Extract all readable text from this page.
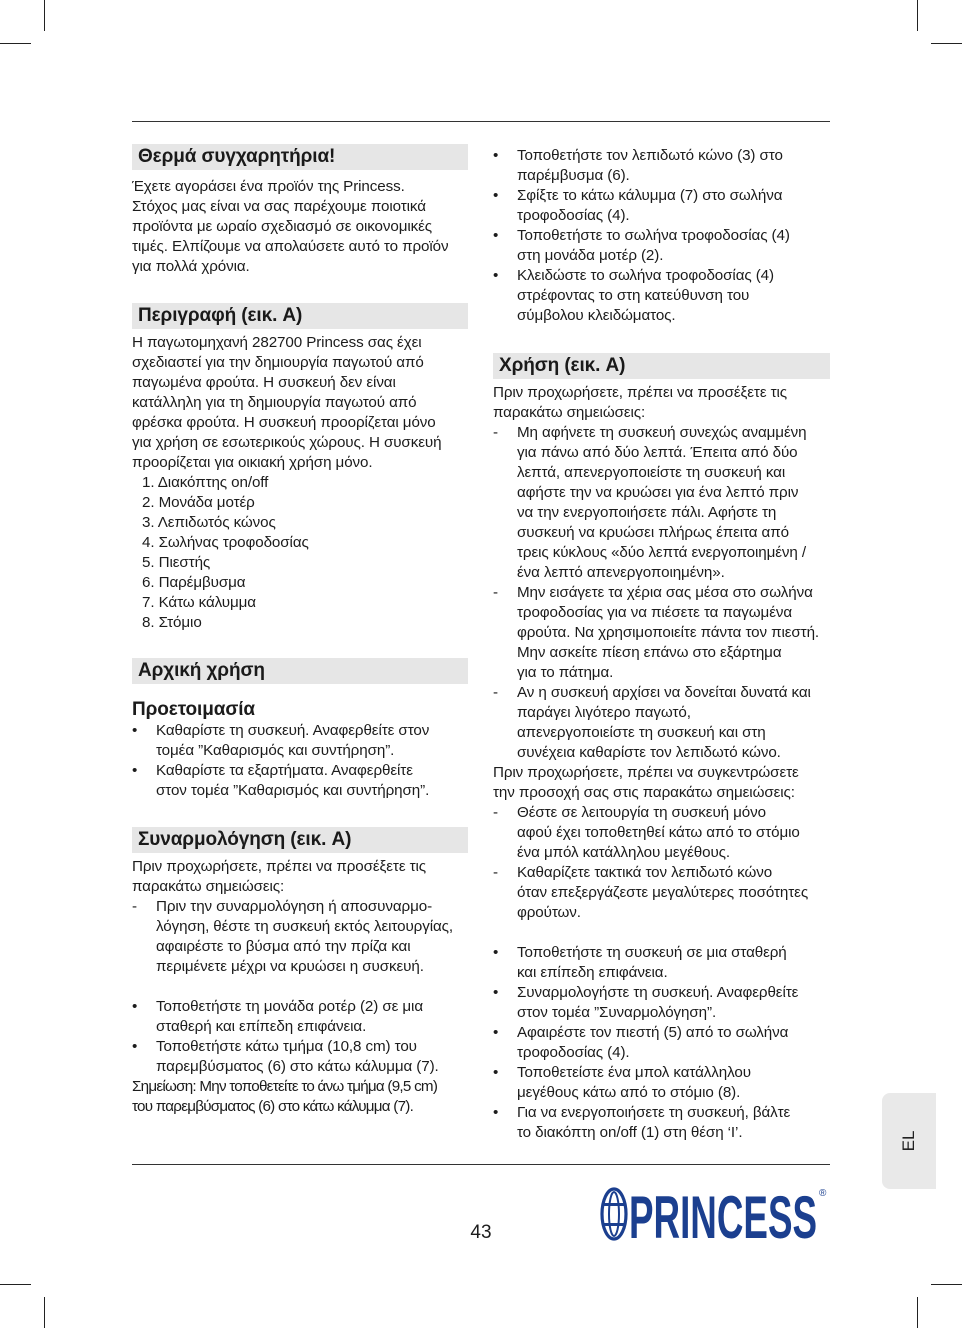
Θερμά συγχαρητήρια!

Έχετε αγοράσει ένα προϊόν της Princess.

Στόχος μας είναι να σας παρέχουμε ποιοτικά

προϊόντα με ωραίο σχεδιασμό σε οικονομικές

τιμές. Ελπίζουμε να απολαύσετε αυτό το προϊόν

για πολλά χρόνια.

Περιγραφή (εικ. A)

Η παγωτομηχανή 282700 Princess σας έχει

σχεδιαστεί για την δημιουργία παγωτού από

παγωμένα φρούτα. Η συσκευή δεν είναι

κατάλληλη για τη δημιουργία παγωτού από

φρέσκα φρούτα. Η συσκευή προορίζεται μόνο

για χρήση σε εσωτερικούς χώρους. Η συσκευή

προορίζεται για οικιακή χρήση μόνο.

1. Διακόπτης on/off
2. Μονάδα μοτέρ
3. Λεπιδωτός κώνος
4. Σωλήνας τροφοδοσίας
5. Πιεστής
6. Παρέμβυσμα
7. Κάτω κάλυμμα
8. Στόμιο
Αρχική χρήση
Προετοιμασία
•	Καθαρίστε τη συσκευή. Αναφερθείτε στον

τομέα ”Καθαρισμός και συντήρηση”.

•	Καθαρίστε τα εξαρτήματα. Αναφερθείτε

στον τομέα ”Καθαρισμός και συντήρηση”.

Συναρμολόγηση (εικ. A)

Πριν προχωρήσετε, πρέπει να προσέξετε τις

παρακάτω σημειώσεις:

-	Πριν την συναρμολόγηση ή αποσυναρμο-

λόγηση, θέστε τη συσκευή εκτός λειτουργίας,

αφαιρέστε το βύσμα από την πρίζα και

περιμένετε μέχρι να κρυώσει η συσκευή.

•	Τοποθετήστε τη μονάδα ροτέρ (2) σε μια

σταθερή και επίπεδη επιφάνεια.

•	Τοποθετήστε κάτω τμήμα (10,8 cm) του

παρεμβύσματος (6) στο κάτω κάλυμμα (7).

Σημείωση: Μην τοποθετείτε το άνω τμήμα (9,5 cm)

του παρεμβύσματος (6) στο κάτω κάλυμμα (7).

•	Τοποθετήστε τον λεπιδωτό κώνο (3) στο

παρέμβυσμα (6).

•	Σφίξτε το κάτω κάλυμμα (7) στο σωλήνα

τροφοδοσίας (4).

•	Τοποθετήστε το σωλήνα τροφοδοσίας (4)

στη μονάδα μοτέρ (2).

•	Κλειδώστε το σωλήνα τροφοδοσίας (4)

στρέφοντας το στη κατεύθυνση του

σύμβολου κλειδώματος.

Χρήση (εικ. A)

Πριν προχωρήσετε, πρέπει να προσέξετε τις

παρακάτω σημειώσεις:

-	Μη αφήνετε τη συσκευή συνεχώς αναμμένη

για πάνω από δύο λεπτά. Έπειτα από δύο

λεπτά, απενεργοποιείστε τη συσκευή και

αφήστε την να κρυώσει για ένα λεπτό πριν

να την ενεργοποιήσετε πάλι. Αφήστε τη

συσκευή να κρυώσει πλήρως έπειτα από

τρεις κύκλους «δύο λεπτά ενεργοποιημένη /

ένα λεπτό απενεργοποιημένη».

-	Μην εισάγετε τα χέρια σας μέσα στο σωλήνα

τροφοδοσίας για να πιέσετε τα παγωμένα

φρούτα. Να χρησιμοποιείτε πάντα τον πιεστή.

Μην ασκείτε πίεση επάνω στο εξάρτημα

για το πάτημα.

-	Αν η συσκευή αρχίσει να δονείται δυνατά και

παράγει λιγότερο παγωτό,

απενεργοποιείστε τη συσκευή και στη

συνέχεια καθαρίστε τον λεπιδωτό κώνο.

Πριν προχωρήσετε, πρέπει να συγκεντρώσετε

την προσοχή σας στις παρακάτω σημειώσεις:

-	Θέστε σε λειτουργία τη συσκευή μόνο

αφού έχει τοποθετηθεί κάτω από το στόμιο

ένα μπόλ κατάλληλου μεγέθους.

-	Καθαρίζετε τακτικά τον λεπιδωτό κώνο

όταν επεξεργάζεστε μεγαλύτερες ποσότητες

φρούτων.

•	Τοποθετήστε τη συσκευή σε μια σταθερή

και επίπεδη επιφάνεια.

•	Συναρμολογήστε τη συσκευή. Αναφερθείτε

στον τομέα ”Συναρμολόγηση”.

•	Αφαιρέστε τον πιεστή (5) από το σωλήνα

τροφοδοσίας (4).

•	Τοποθετείστε ένα μπολ κατάλληλου

μεγέθους κάτω από το στόμιο (8).

•	Για να ενεργοποιήσετε τη συσκευή, βάλτε

το διακόπτη on/off (1) στη θέση ‘I’.	EL
43 PRINCESS ®
